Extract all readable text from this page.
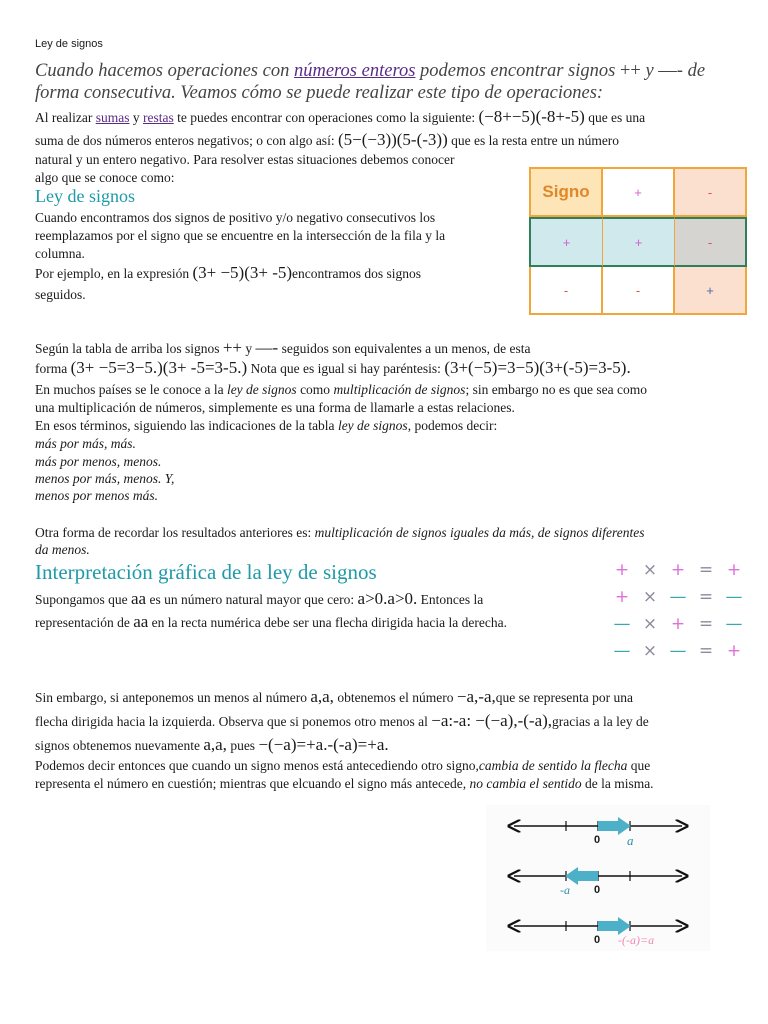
Ley de signos
Cuando hacemos operaciones con números enteros podemos encontrar signos ++ y —- de
forma consecutiva. Veamos cómo se puede realizar este tipo de operaciones:
Al realizar sumas y restas te puedes encontrar con operaciones como la siguiente: (−8+−5)(-8+-5) que es una
suma de dos números enteros negativos; o con algo así: (5−(−3))(5-(-3)) que es la resta entre un número
natural y un entero negativo. Para resolver estas situaciones debemos conocer
algo que se conoce como:
Ley de signos
Cuando encontramos dos signos de positivo y/o negativo consecutivos los
reemplazamos por el signo que se encuentre en la intersección de la fila y la
columna.
Por ejemplo, en la expresión (3+ −5)(3+ -5)encontramos dos signos
seguidos.
Signo	+	-
+	+	-
-	-	+
Según la tabla de arriba los signos ++ y —- seguidos son equivalentes a un menos, de esta
forma (3+ −5=3−5.)(3+ -5=3-5.) Nota que es igual si hay paréntesis: (3+(−5)=3−5)(3+(-5)=3-5).
En muchos países se le conoce a la ley de signos como multiplicación de signos; sin embargo no es que sea como
una multiplicación de números, simplemente es una forma de llamarle a estas relaciones.
En esos términos, siguiendo las indicaciones de la tabla ley de signos, podemos decir:
más por más, más.
más por menos, menos.
menos por más, menos. Y,
menos por menos más.
Otra forma de recordar los resultados anteriores es: multiplicación de signos iguales da más, de signos diferentes
da menos.
Interpretación gráfica de la ley de signos	+ × + = +
+ × — = —
— × + = —
— × — = +
Supongamos que aa es un número natural mayor que cero: a>0.a>0. Entonces la
representación de aa en la recta numérica debe ser una flecha dirigida hacia la derecha.
Sin embargo, si anteponemos un menos al número a,a, obtenemos el número −a,-a,que se representa por una
flecha dirigida hacia la izquierda. Observa que si ponemos otro menos al −a:-a: −(−a),-(-a),gracias a la ley de
signos obtenemos nuevamente a,a, pues −(−a)=+a.-(-a)=+a.
Podemos decir entonces que cuando un signo menos está antecediendo otro signo,cambia de sentido la flecha que
representa el número en cuestión; mientras que elcuando el signo más antecede, no cambia el sentido de la misma.
0 a
0
-a
0 -(-a)=a
